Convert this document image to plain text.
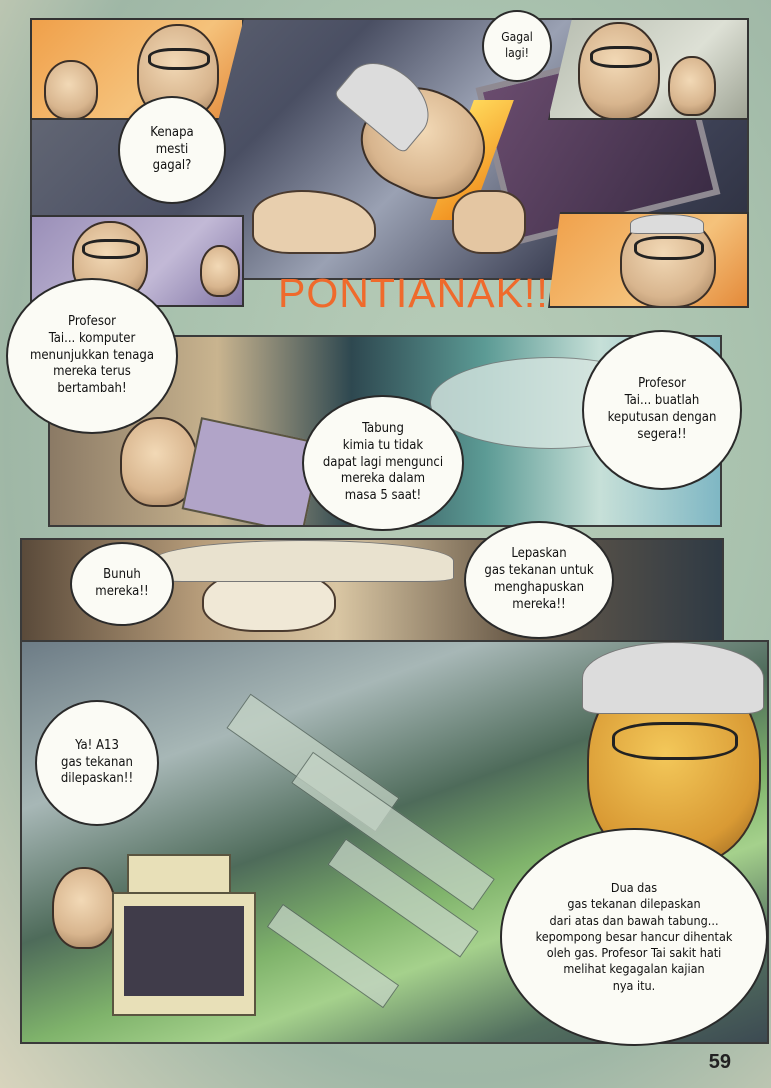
PONTIANAK!!
Gagal
lagi!
Kenapa
mesti
gagal?
Profesor
Tai... komputer
menunjukkan tenaga
mereka terus
bertambah!
Tabung
kimia tu tidak
dapat lagi mengunci
mereka dalam
masa 5 saat!
Profesor
Tai... buatlah
keputusan dengan
segera!!
Bunuh
mereka!!
Lepaskan
gas tekanan untuk
menghapuskan
mereka!!
Ya! A13
gas tekanan
dilepaskan!!
Dua das
gas tekanan dilepaskan
dari atas dan bawah tabung...
kepompong besar hancur dihentak
oleh gas. Profesor Tai sakit hati
melihat kegagalan kajian
nya itu.
59
